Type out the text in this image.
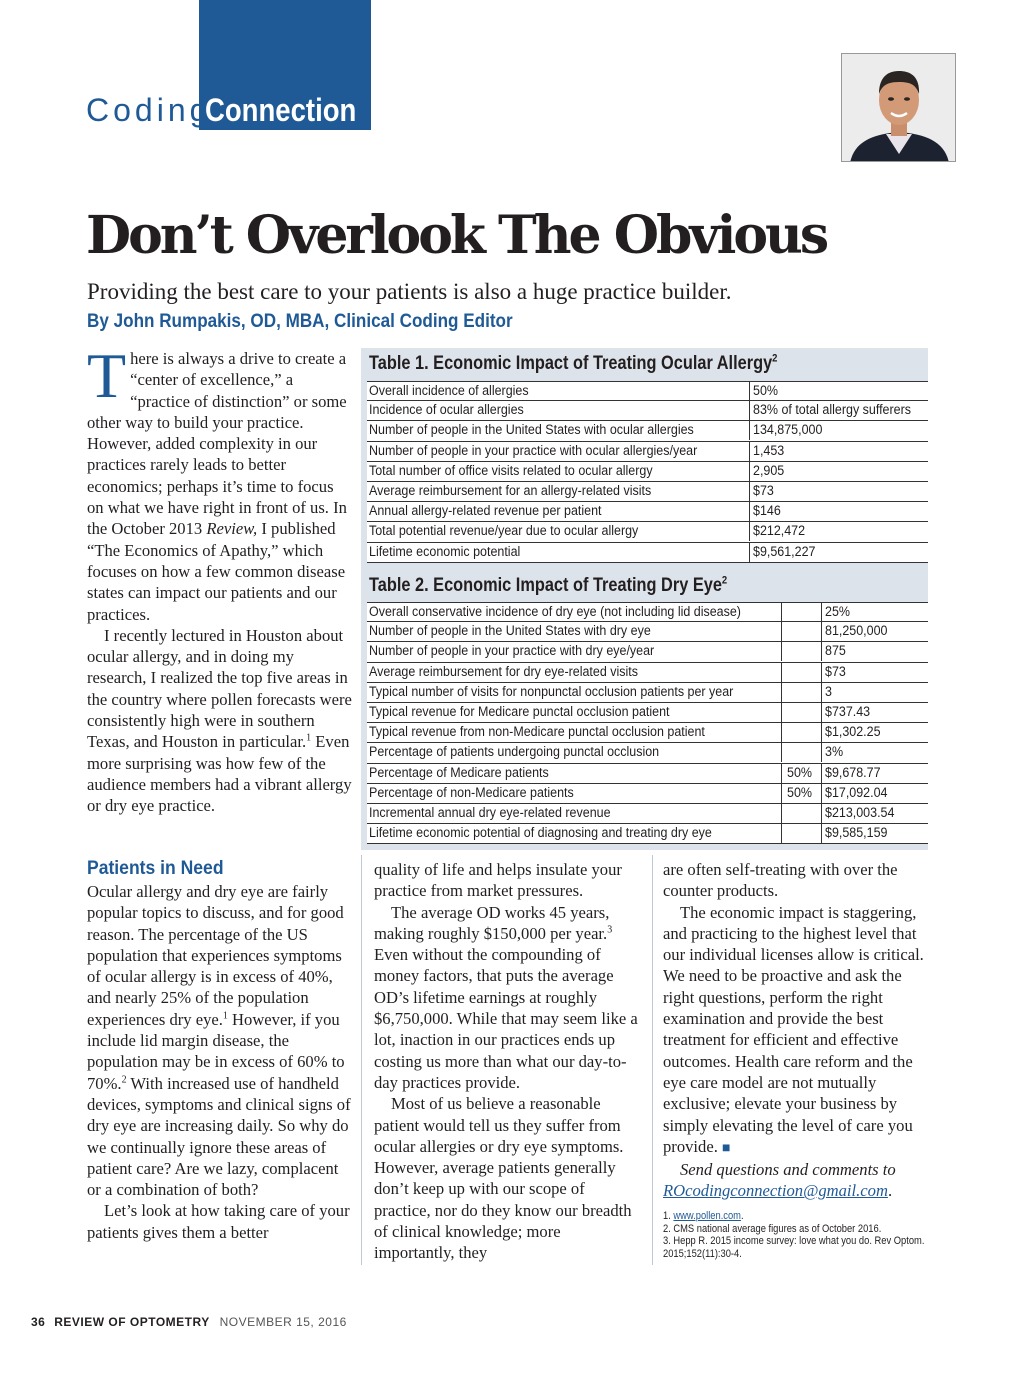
Coding
Connection
Don’t Overlook The Obvious
Providing the best care to your patients is also a huge practice builder.
By John Rumpakis, OD, MBA, Clinical Coding Editor

There is always a drive to create a “center of excellence,” a “practice of distinction” or some other way to build your practice. However, added complexity in our practices rarely leads to better economics; perhaps it’s time to focus on what we have right in front of us. In the October 2013 Review, I published “The Economics of Apathy,” which focuses on how a few common disease states can impact our patients and our practices.

I recently lectured in Houston about ocular allergy, and in doing my research, I realized the top five areas in the country where pollen forecasts were consistently high were in southern Texas, and Houston in particular.$^1$ Even more surprising was how few of the audience members had a vibrant allergy or dry eye practice.

Patients in Need

Ocular allergy and dry eye are fairly popular topics to discuss, and for good reason. The percentage of the US population that experiences symptoms of ocular allergy is in excess of 40%, and nearly 25% of the population experiences dry eye.$^1$ However, if you include lid margin disease, the population may be in excess of 60% to 70%.$^2$ With increased use of handheld devices, symptoms and clinical signs of dry eye are increasing daily. So why do we continually ignore these areas of patient care? Are we lazy, complacent or a combination of both?

Let’s look at how taking care of your patients gives them a better

quality of life and helps insulate your practice from market pressures.

The average OD works 45 years, making roughly $150,000 per year.$^3$ Even without the compounding of money factors, that puts the average OD’s lifetime earnings at roughly $6,750,000. While that may seem like a lot, inaction in our practices ends up costing us more than what our day-to-day practices provide.

Most of us believe a reasonable patient would tell us they suffer from ocular allergies or dry eye symptoms. However, average patients generally don’t keep up with our scope of practice, nor do they know our breadth of clinical knowledge; more importantly, they

are often self-treating with over the counter products.

The economic impact is staggering, and practicing to the highest level that our individual licenses allow is critical. We need to be proactive and ask the right questions, perform the right examination and provide the best treatment for efficient and effective outcomes. Health care reform and the eye care model are not mutually exclusive; elevate your business by simply elevating the level of care you provide. ■

Send questions and comments to

ROcodingconnection@gmail.com.

Table 1. Economic Impact of Treating Ocular Allergy$^2$
Overall incidence of allergies	50%
Incidence of ocular allergies	83% of total allergy sufferers
Number of people in the United States with ocular allergies	134,875,000
Number of people in your practice with ocular allergies/year	1,453
Total number of office visits related to ocular allergy	2,905
Average reimbursement for an allergy-related visits	$73
Annual allergy-related revenue per patient	$146
Total potential revenue/year due to ocular allergy	$212,472
Lifetime economic potential	$9,561,227
Table 2. Economic Impact of Treating Dry Eye$^2$
Overall conservative incidence of dry eye (not including lid disease)	25%
Number of people in the United States with dry eye	81,250,000
Number of people in your practice with dry eye/year	875
Average reimbursement for dry eye-related visits	$73
Typical number of visits for nonpunctal occlusion patients per year	3
Typical revenue for Medicare punctal occlusion patient	$737.43
Typical revenue from non-Medicare punctal occlusion patient	$1,302.25
Percentage of patients undergoing punctal occlusion	3%
Percentage of Medicare patients	50% $9,678.77
Percentage of non-Medicare patients	50% $17,092.04
Incremental annual dry eye-related revenue	$213,003.54
Lifetime economic potential of diagnosing and treating dry eye	$9,585,159
1. www.pollen.com.
2. CMS national average figures as of October 2016.
3. Hepp R. 2015 income survey: love what you do. Rev Optom.
2015;152(11):30-4.
36 REVIEW OF OPTOMETRY NOVEMBER 15, 2016
